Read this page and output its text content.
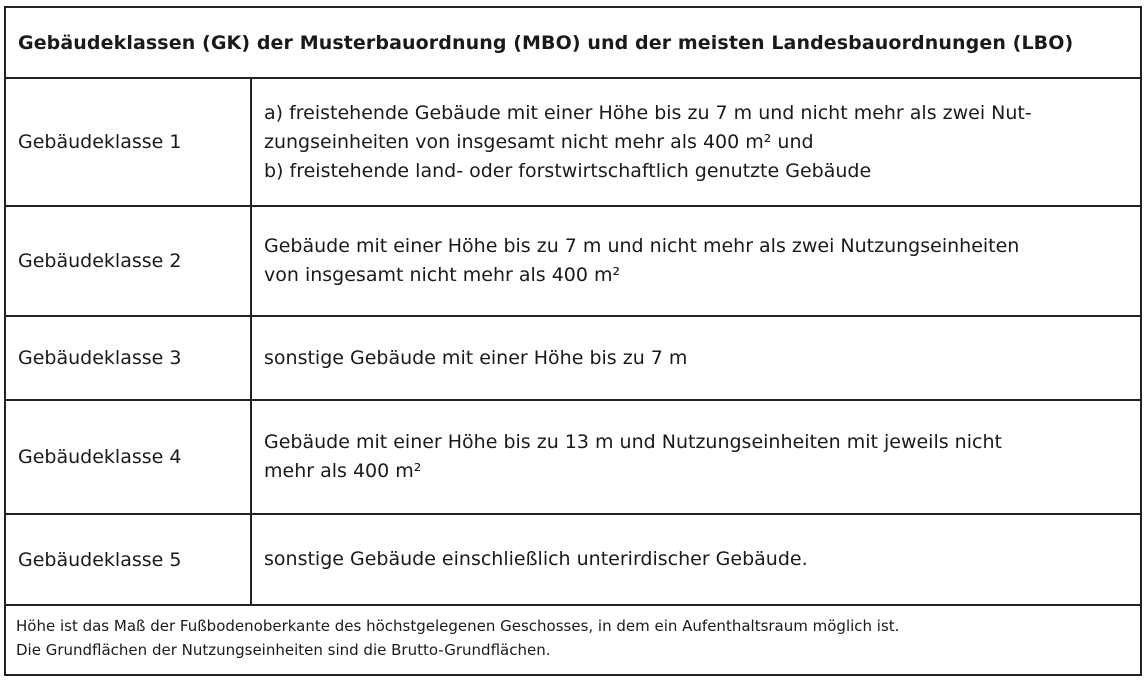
Gebäudeklassen (GK) der Musterbauordnung (MBO) und der meisten Landesbauordnungen (LBO)
Gebäudeklasse 1
a) freistehende Gebäude mit einer Höhe bis zu 7 m und nicht mehr als zwei Nut-
zungseinheiten von insgesamt nicht mehr als 400 m² und
b) freistehende land- oder forstwirtschaftlich genutzte Gebäude
Gebäudeklasse 2
Gebäude mit einer Höhe bis zu 7 m und nicht mehr als zwei Nutzungseinheiten
von insgesamt nicht mehr als 400 m²
Gebäudeklasse 3	sonstige Gebäude mit einer Höhe bis zu 7 m
Gebäudeklasse 4
Gebäude mit einer Höhe bis zu 13 m und Nutzungseinheiten mit jeweils nicht
mehr als 400 m²
Gebäudeklasse 5	sonstige Gebäude einschließlich unterirdischer Gebäude.
Höhe ist das Maß der Fußbodenoberkante des höchstgelegenen Geschosses, in dem ein Aufenthaltsraum möglich ist.
Die Grundflächen der Nutzungseinheiten sind die Brutto-Grundflächen.
